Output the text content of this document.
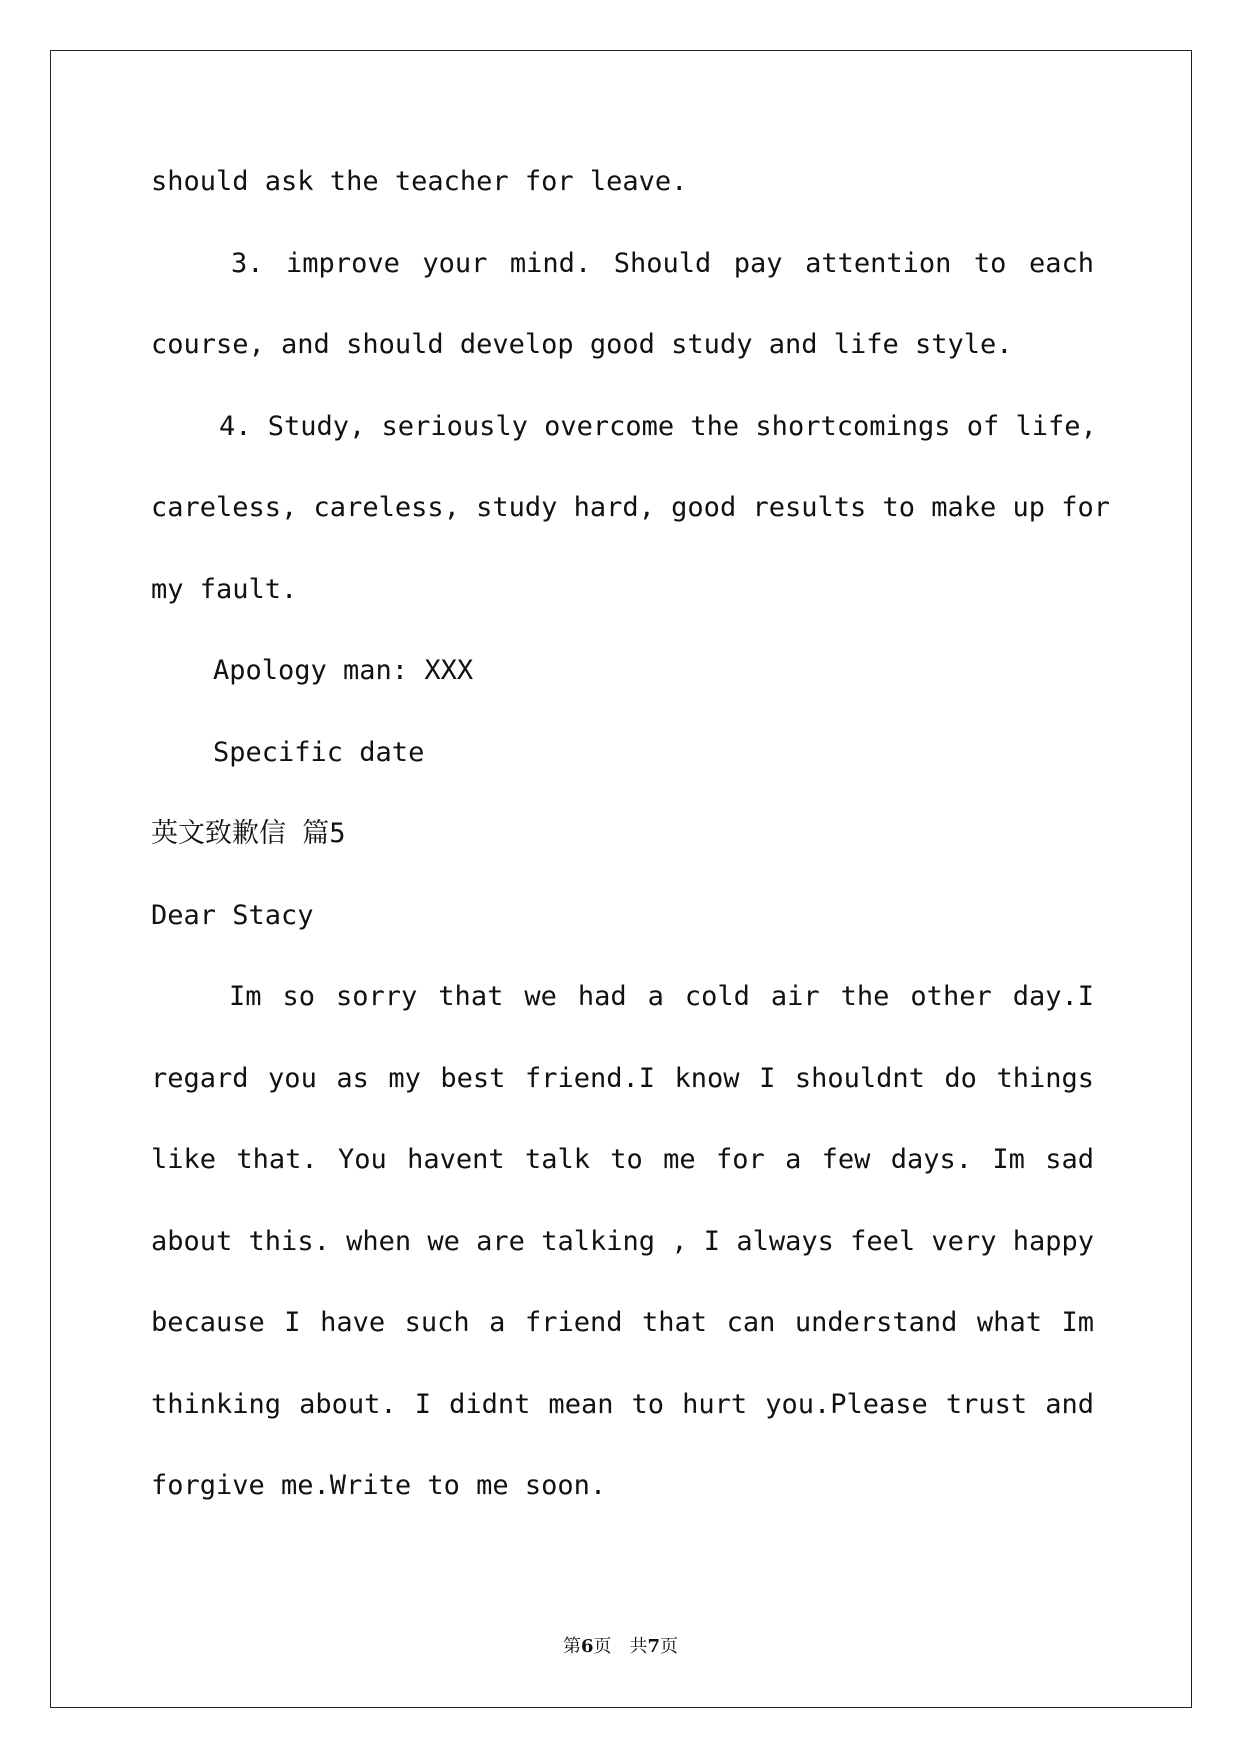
should ask the teacher for leave.
3. improve your mind. Should pay attention to each
course, and should develop good study and life style.
4. Study, seriously overcome the shortcomings of life,
careless, careless, study hard, good results to make up for
my fault.
Apology man: XXX
Specific date
英文致歉信 篇5
Dear Stacy
Im so sorry that we had a cold air the other day.I
regard you as my best friend.I know I shouldnt do things
like that. You havent talk to me for a few days. Im sad
about this. when we are talking , I always feel very happy
because I have such a friend that can understand what Im
thinking about. I didnt mean to hurt you.Please trust and
forgive me.Write to me soon.
第6页　共7页
